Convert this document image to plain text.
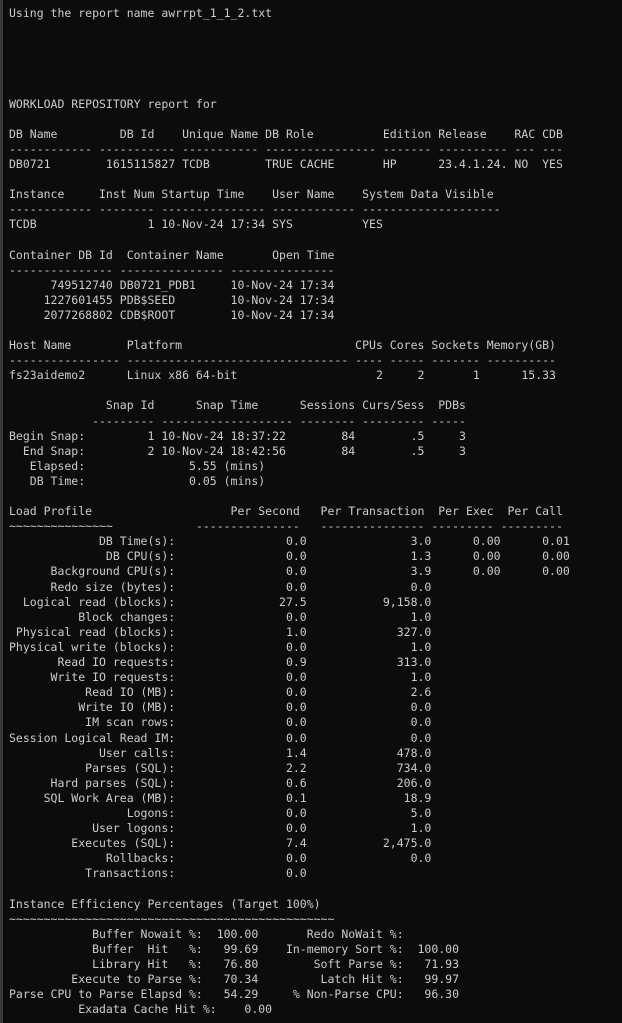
Using the report name awrrpt_1_1_2.txt
WORKLOAD REPOSITORY report for
DB Name         DB Id    Unique Name DB Role          Edition Release    RAC CDB
------------ ----------- ----------- ---------------- ------- ---------- --- ---
DB0721        1615115827 TCDB        TRUE CACHE       HP      23.4.1.24. NO  YES
Instance     Inst Num Startup Time    User Name    System Data Visible
------------ -------- --------------- ------------ --------------------
TCDB                1 10-Nov-24 17:34 SYS          YES
Container DB Id  Container Name       Open Time
--------------- --------------- ---------------
749512740 DB0721_PDB1     10-Nov-24 17:34
1227601455 PDB$SEED        10-Nov-24 17:34
2077268802 CDB$ROOT        10-Nov-24 17:34
Host Name        Platform                         CPUs Cores Sockets Memory(GB)
---------------- -------------------------------- ---- ----- ------- ----------
fs23aidemo2      Linux x86 64-bit                    2     2       1      15.33
Snap Id      Snap Time      Sessions Curs/Sess  PDBs
--------- ------------------- -------- --------- -----
Begin Snap:         1 10-Nov-24 18:37:22        84        .5     3
End Snap:         2 10-Nov-24 18:42:56        84        .5     3
Elapsed:               5.55 (mins)
DB Time:               0.05 (mins)
Load Profile                    Per Second   Per Transaction  Per Exec  Per Call
~~~~~~~~~~~~~~~            ---------------   --------------- --------- ---------
DB Time(s):                0.0               3.0      0.00      0.01
DB CPU(s):                0.0               1.3      0.00      0.00
Background CPU(s):                0.0               3.9      0.00      0.00
Redo size (bytes):                0.0               0.0
Logical read (blocks):               27.5           9,158.0
Block changes:                0.0               1.0
Physical read (blocks):                1.0             327.0
Physical write (blocks):                0.0               1.0
Read IO requests:                0.9             313.0
Write IO requests:                0.0               1.0
Read IO (MB):                0.0               2.6
Write IO (MB):                0.0               0.0
IM scan rows:                0.0               0.0
Session Logical Read IM:                0.0               0.0
User calls:                1.4             478.0
Parses (SQL):                2.2             734.0
Hard parses (SQL):                0.6             206.0
SQL Work Area (MB):                0.1              18.9
Logons:                0.0               5.0
User logons:                0.0               1.0
Executes (SQL):                7.4           2,475.0
Rollbacks:                0.0               0.0
Transactions:                0.0
Instance Efficiency Percentages (Target 100%)
~~~~~~~~~~~~~~~~~~~~~~~~~~~~~~~~~~~~~~~~~~~~~~~
Buffer Nowait %:  100.00       Redo NoWait %:
Buffer  Hit   %:   99.69    In-memory Sort %:  100.00
Library Hit   %:   76.80        Soft Parse %:   71.93
Execute to Parse %:   70.34         Latch Hit %:   99.97
Parse CPU to Parse Elapsd %:   54.29     % Non-Parse CPU:   96.30
Exadata Cache Hit %:    0.00
